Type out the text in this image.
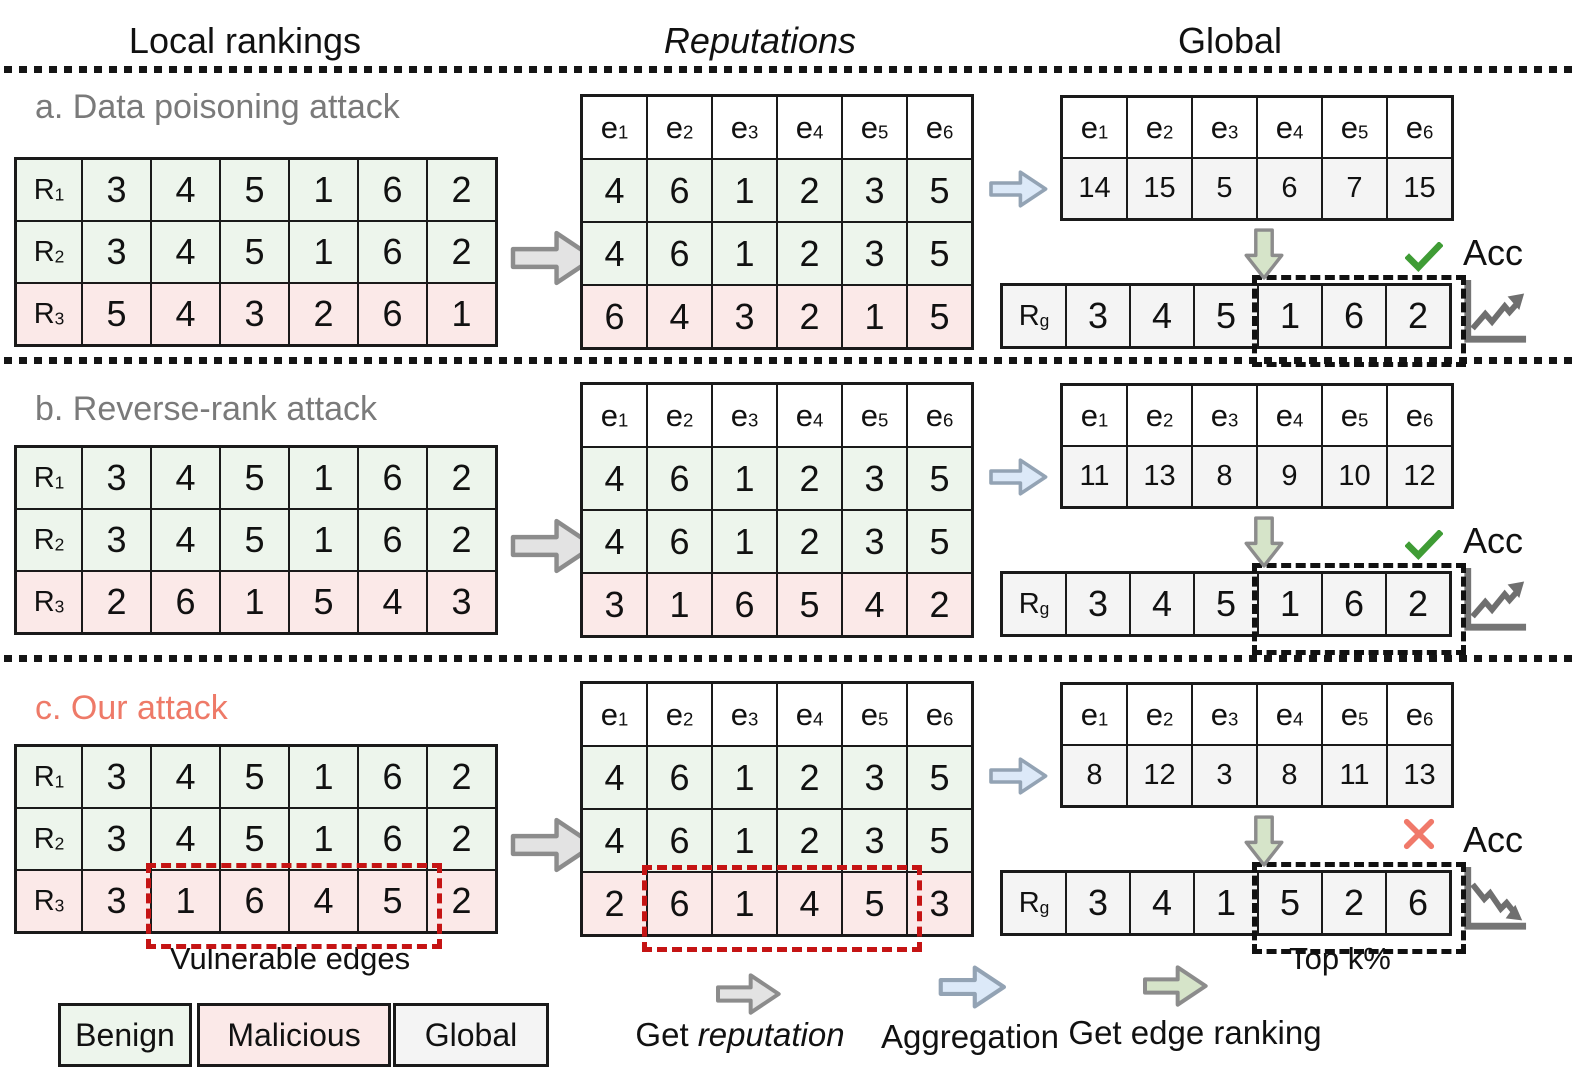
Local rankings	Reputations	Global
a. Data poisoning attack
R 1	3	4	5	1	6	2
R 2	3	4	5	1	6	2
R 3	5	4	3	2	6	1
e 1	e 2	e 3	e 4	e 5	e 6
4	6	1	2	3	5
4	6	1	2	3	5
6	4	3	2	1	5
e 1	e 2	e 3	e 4	e 5	e 6
14	15	5	6	7	15
R g	3	4	5	1	6	2
Acc
b. Reverse-rank attack
R 1	3	4	5	1	6	2
R 2	3	4	5	1	6	2
R 3	2	6	1	5	4	3
e 1	e 2	e 3	e 4	e 5	e 6
4	6	1	2	3	5
4	6	1	2	3	5
3	1	6	5	4	2
e 1	e 2	e 3	e 4	e 5	e 6
11	13	8	9	10	12
R g	3	4	5	1	6	2
Acc
c. Our attack
R 1	3	4	5	1	6	2
R 2	3	4	5	1	6	2
R 3	3	1	6	4	5	2
e 1	e 2	e 3	e 4	e 5	e 6
4	6	1	2	3	5
4	6	1	2	3	5
2	6	1	4	5	3
e 1	e 2	e 3	e 4	e 5	e 6
8	12	3	8	11	13
R g	3	4	1	5	2	6
Acc
Vulnerable edges	Top k%
Benign	Malicious	Global	Get reputation	Aggregation Get edge ranking
